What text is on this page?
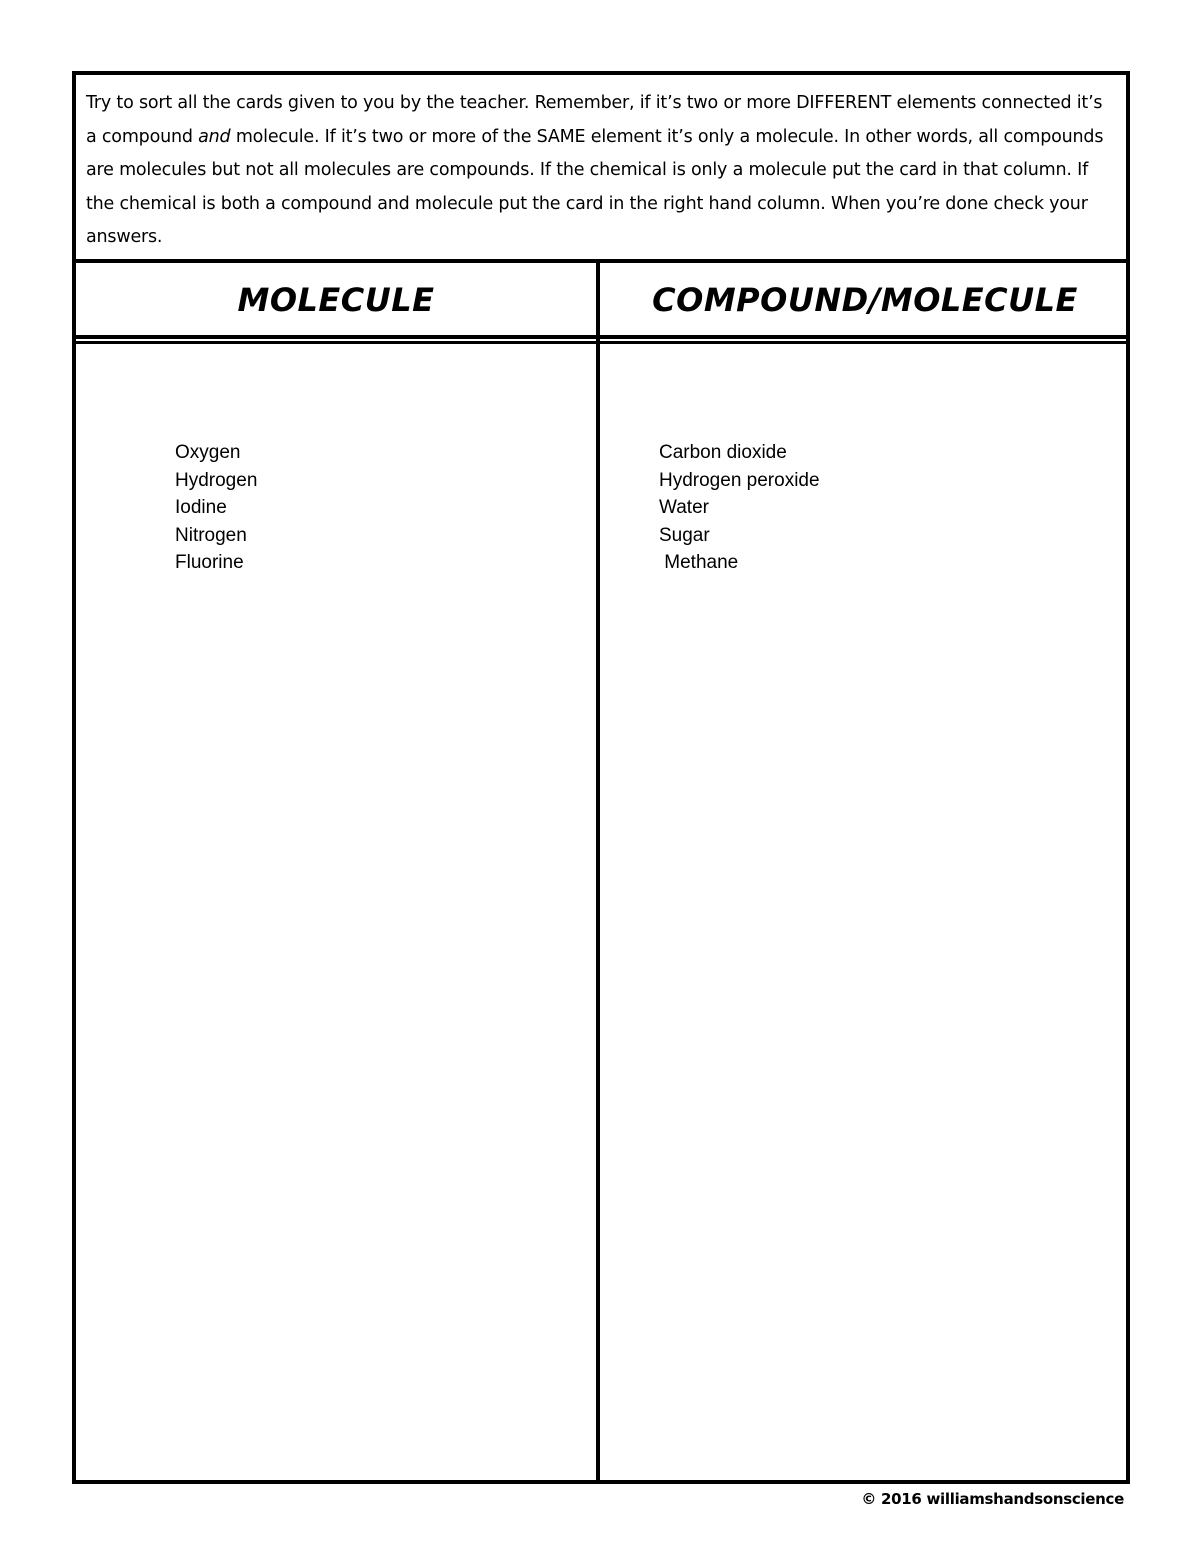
Try to sort all the cards given to you by the teacher. Remember, if it’s two or more DIFFERENT elements connected it’s a compound and molecule. If it’s two or more of the SAME element it’s only a molecule. In other words, all compounds are molecules but not all molecules are compounds. If the chemical is only a molecule put the card in that column. If the chemical is both a compound and molecule put the card in the right hand column. When you’re done check your answers.
MOLECULE	COMPOUND/MOLECULE
Oxygen
Hydrogen
Iodine
Nitrogen
Fluorine
Carbon dioxide
Hydrogen peroxide
Water
Sugar
Methane
© 2016 williamshandsonscience
